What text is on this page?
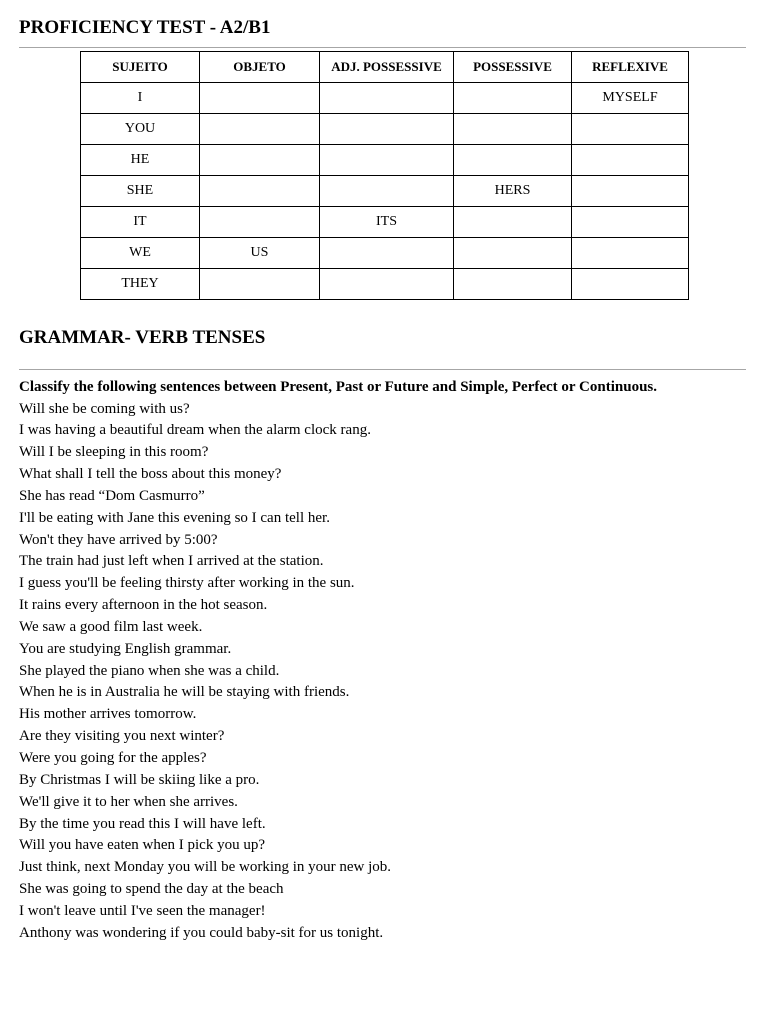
PROFICIENCY TEST - A2/B1
SUJEITO	OBJETO	ADJ. POSSESSIVE	POSSESSIVE	REFLEXIVE
I				MYSELF
YOU				
HE				
SHE			HERS	
IT		ITS		
WE	US			
THEY				
GRAMMAR- VERB TENSES

Classify the following sentences between Present, Past or Future and Simple, Perfect or Continuous.

Will she be coming with us?
I was having a beautiful dream when the alarm clock rang.
Will I be sleeping in this room?
What shall I tell the boss about this money?
She has read “Dom Casmurro”
I'll be eating with Jane this evening so I can tell her.
Won't they have arrived by 5:00?
The train had just left when I arrived at the station.
I guess you'll be feeling thirsty after working in the sun.
It rains every afternoon in the hot season.
We saw a good film last week.
You are studying English grammar.
She played the piano when she was a child.
When he is in Australia he will be staying with friends.
His mother arrives tomorrow.
Are they visiting you next winter?
Were you going for the apples?
By Christmas I will be skiing like a pro.
We'll give it to her when she arrives.
By the time you read this I will have left.
Will you have eaten when I pick you up?
Just think, next Monday you will be working in your new job.
She was going to spend the day at the beach
I won't leave until I've seen the manager!
Anthony was wondering if you could baby-sit for us tonight.
